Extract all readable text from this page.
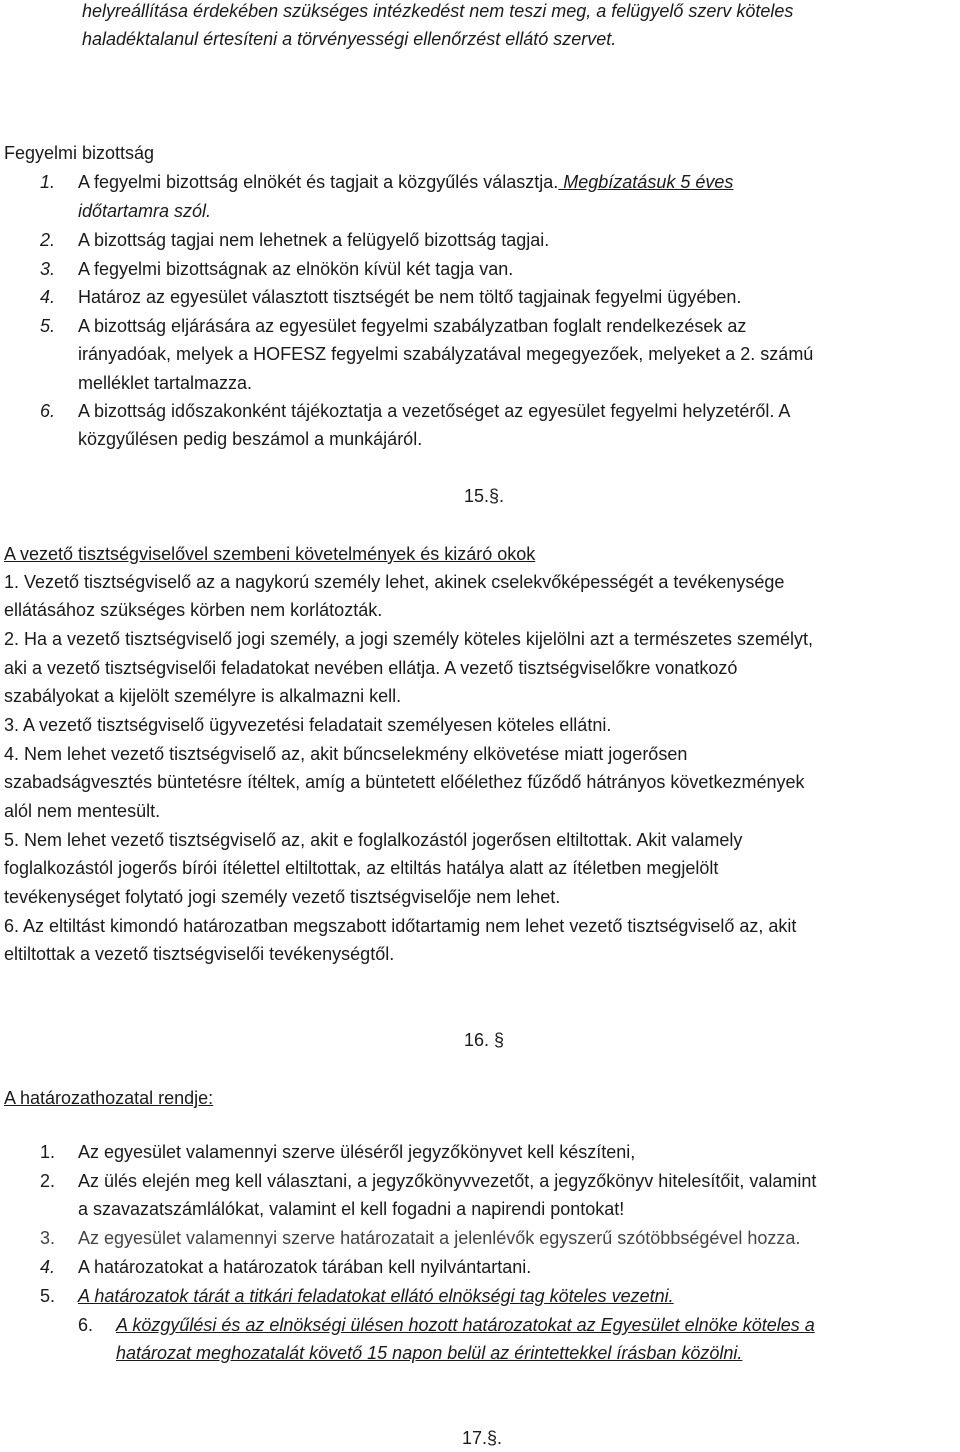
helyreállítása érdekében szükséges intézkedést nem teszi meg, a felügyelő szerv köteles
haladéktalanul értesíteni a törvényességi ellenőrzést ellátó szervet.
Fegyelmi bizottság
1. A fegyelmi bizottság elnökét és tagjait a közgyűlés választja. Megbízatásuk 5 éves
időtartamra szól.
2. A bizottság tagjai nem lehetnek a felügyelő bizottság tagjai.
3. A fegyelmi bizottságnak az elnökön kívül két tagja van.
4. Határoz az egyesület választott tisztségét be nem töltő tagjainak fegyelmi ügyében.
5. A bizottság eljárására az egyesület fegyelmi szabályzatban foglalt rendelkezések az
irányadóak, melyek a HOFESZ fegyelmi szabályzatával megegyezőek, melyeket a 2. számú
melléklet tartalmazza.
6. A bizottság időszakonként tájékoztatja a vezetőséget az egyesület fegyelmi helyzetéről. A
közgyűlésen pedig beszámol a munkájáról.
15.§.
A vezető tisztségviselővel szembeni követelmények és kizáró okok
1. Vezető tisztségviselő az a nagykorú személy lehet, akinek cselekvőképességét a tevékenysége
ellátásához szükséges körben nem korlátozták.
2. Ha a vezető tisztségviselő jogi személy, a jogi személy köteles kijelölni azt a természetes személyt,
aki a vezető tisztségviselői feladatokat nevében ellátja. A vezető tisztségviselőkre vonatkozó
szabályokat a kijelölt személyre is alkalmazni kell.
3. A vezető tisztségviselő ügyvezetési feladatait személyesen köteles ellátni.
4. Nem lehet vezető tisztségviselő az, akit bűncselekmény elkövetése miatt jogerősen
szabadságvesztés büntetésre ítéltek, amíg a büntetett előélethez fűződő hátrányos következmények
alól nem mentesült.
5. Nem lehet vezető tisztségviselő az, akit e foglalkozástól jogerősen eltiltottak. Akit valamely
foglalkozástól jogerős bírói ítélettel eltiltottak, az eltiltás hatálya alatt az ítéletben megjelölt
tevékenységet folytató jogi személy vezető tisztségviselője nem lehet.
6. Az eltiltást kimondó határozatban megszabott időtartamig nem lehet vezető tisztségviselő az, akit
eltiltottak a vezető tisztségviselői tevékenységtől.
16. §
A határozathozatal rendje:
1. Az egyesület valamennyi szerve üléséről jegyzőkönyvet kell készíteni,
2. Az ülés elején meg kell választani, a jegyzőkönyvvezetőt, a jegyzőkönyv hitelesítőit, valamint
a szavazatszámlálókat, valamint el kell fogadni a napirendi pontokat!
3. Az egyesület valamennyi szerve határozatait a jelenlévők egyszerű szótöbbségével hozza.
4. A határozatokat a határozatok tárában kell nyilvántartani.
5. A határozatok tárát a titkári feladatokat ellátó elnökségi tag köteles vezetni.
6. A közgyűlési és az elnökségi ülésen hozott határozatokat az Egyesület elnöke köteles a
határozat meghozatalát követő 15 napon belül az érintettekkel írásban közölni.
17.§.
